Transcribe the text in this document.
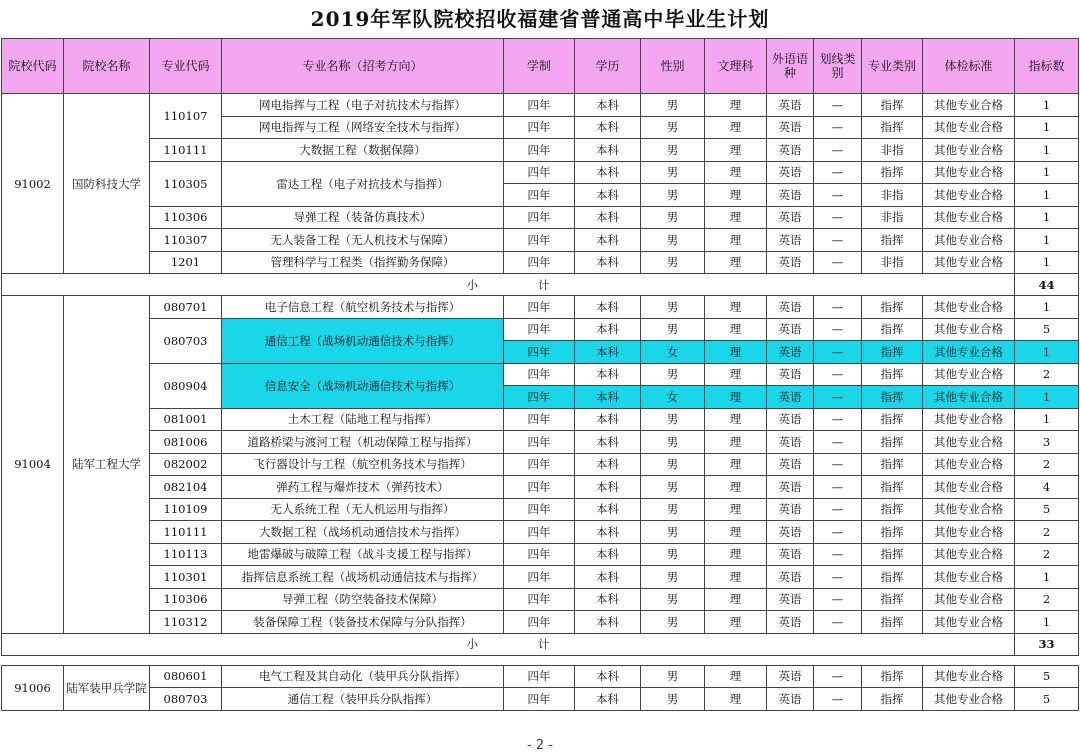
2019年军队院校招收福建省普通高中毕业生计划
院校代码	院校名称	专业代码	专业名称（招考方向）	学制	学历	性别	文理科	外语语种	划线类别	专业类别	体检标准	指标数
91002	国防科技大学	110107	网电指挥与工程（电子对抗技术与指挥）	四年	本科	男	理	英语	—	指挥	其他专业合格	1
			网电指挥与工程（网络安全技术与指挥）	四年	本科	男	理	英语	—	指挥	其他专业合格	1
		110111	大数据工程（数据保障）	四年	本科	男	理	英语	—	非指	其他专业合格	1
		110305	雷达工程（电子对抗技术与指挥）	四年	本科	男	理	英语	—	指挥	其他专业合格	1
				四年	本科	男	理	英语	—	非指	其他专业合格	1
		110306	导弹工程（装备仿真技术）	四年	本科	男	理	英语	—	非指	其他专业合格	1
		110307	无人装备工程（无人机技术与保障）	四年	本科	男	理	英语	—	指挥	其他专业合格	1
		1201	管理科学与工程类（指挥勤务保障）	四年	本科	男	理	英语	—	非指	其他专业合格	1
小计												44
91004	陆军工程大学	080701	电子信息工程（航空机务技术与指挥）	四年	本科	男	理	英语	—	指挥	其他专业合格	1
		080703	通信工程（战场机动通信技术与指挥）	四年	本科	男	理	英语	—	指挥	其他专业合格	5
				四年	本科	女	理	英语	—	指挥	其他专业合格	1
		080904	信息安全（战场机动通信技术与指挥）	四年	本科	男	理	英语	—	指挥	其他专业合格	2
				四年	本科	女	理	英语	—	指挥	其他专业合格	1
		081001	土木工程（陆地工程与指挥）	四年	本科	男	理	英语	—	指挥	其他专业合格	1
		081006	道路桥梁与渡河工程（机动保障工程与指挥）	四年	本科	男	理	英语	—	指挥	其他专业合格	3
		082002	飞行器设计与工程（航空机务技术与指挥）	四年	本科	男	理	英语	—	指挥	其他专业合格	2
		082104	弹药工程与爆炸技术（弹药技术）	四年	本科	男	理	英语	—	指挥	其他专业合格	4
		110109	无人系统工程（无人机运用与指挥）	四年	本科	男	理	英语	—	指挥	其他专业合格	5
		110111	大数据工程（战场机动通信技术与指挥）	四年	本科	男	理	英语	—	指挥	其他专业合格	2
		110113	地雷爆破与破障工程（战斗支援工程与指挥）	四年	本科	男	理	英语	—	指挥	其他专业合格	2
		110301	指挥信息系统工程（战场机动通信技术与指挥）	四年	本科	男	理	英语	—	指挥	其他专业合格	1
		110306	导弹工程（防空装备技术保障）	四年	本科	男	理	英语	—	指挥	其他专业合格	2
		110312	装备保障工程（装备技术保障与分队指挥）	四年	本科	男	理	英语	—	指挥	其他专业合格	1
小计												33

91006	陆军装甲兵学院	080601	电气工程及其自动化（装甲兵分队指挥）	四年	本科	男	理	英语	—	指挥	其他专业合格	5
		080703	通信工程（装甲兵分队指挥）	四年	本科	男	理	英语	—	指挥	其他专业合格	5
- 2 -
